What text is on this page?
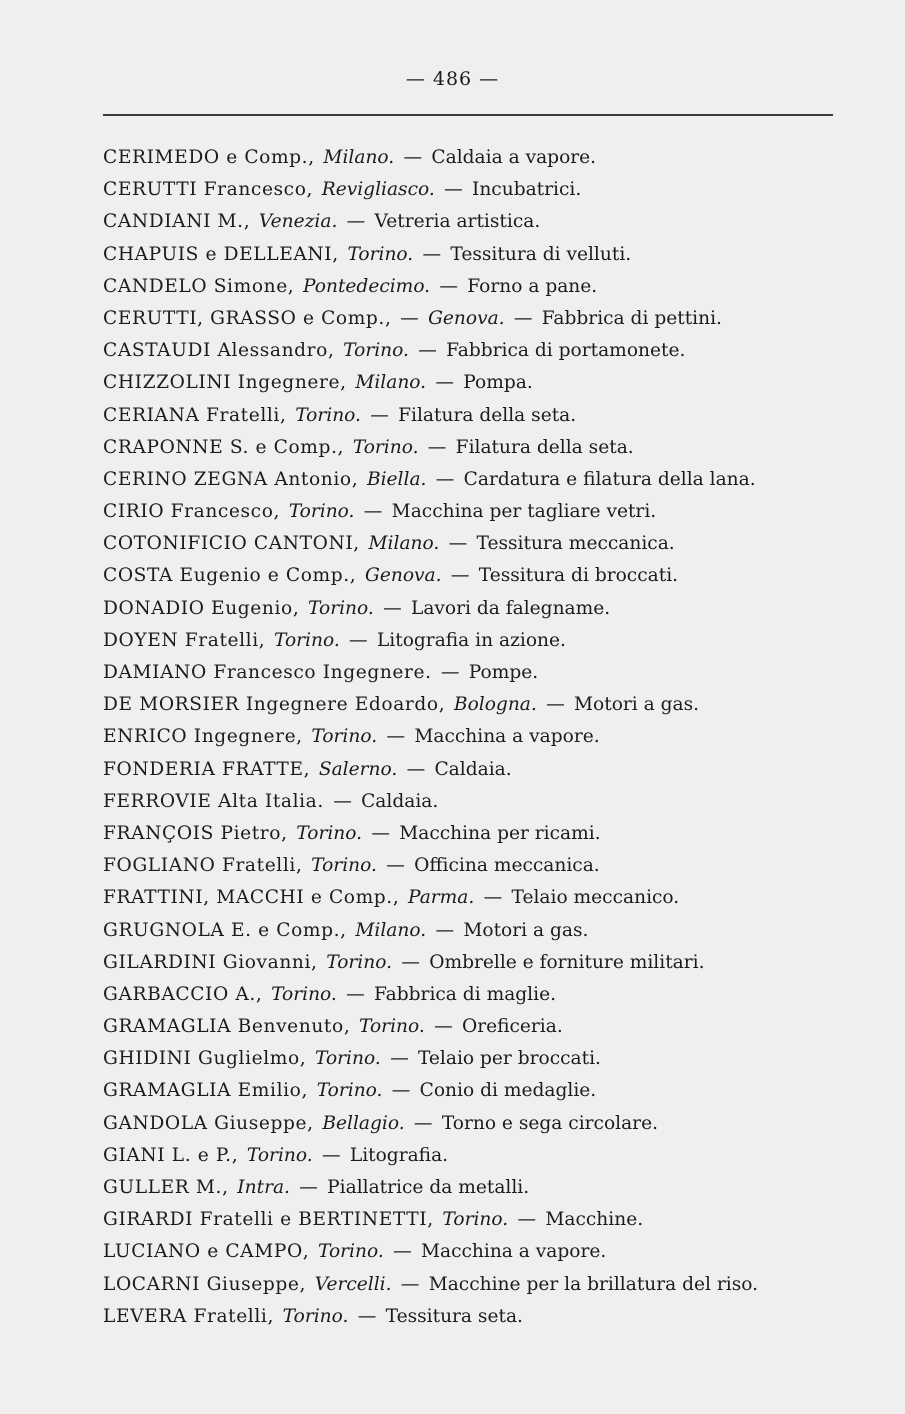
— 486 —
CERIMEDO e Comp., Milano. — Caldaia a vapore.
CERUTTI Francesco, Revigliasco. — Incubatrici.
CANDIANI M., Venezia. — Vetreria artistica.
CHAPUIS e DELLEANI, Torino. — Tessitura di velluti.
CANDELO Simone, Pontedecimo. — Forno a pane.
CERUTTI, GRASSO e Comp., — Genova. — Fabbrica di pettini.
CASTAUDI Alessandro, Torino. — Fabbrica di portamonete.
CHIZZOLINI Ingegnere, Milano. — Pompa.
CERIANA Fratelli, Torino. — Filatura della seta.
CRAPONNE S. e Comp., Torino. — Filatura della seta.
CERINO ZEGNA Antonio, Biella. — Cardatura e filatura della lana.
CIRIO Francesco, Torino. — Macchina per tagliare vetri.
COTONIFICIO CANTONI, Milano. — Tessitura meccanica.
COSTA Eugenio e Comp., Genova. — Tessitura di broccati.
DONADIO Eugenio, Torino. — Lavori da falegname.
DOYEN Fratelli, Torino. — Litografia in azione.
DAMIANO Francesco Ingegnere. — Pompe.
DE MORSIER Ingegnere Edoardo, Bologna. — Motori a gas.
ENRICO Ingegnere, Torino. — Macchina a vapore.
FONDERIA FRATTE, Salerno. — Caldaia.
FERROVIE Alta Italia. — Caldaia.
FRANÇOIS Pietro, Torino. — Macchina per ricami.
FOGLIANO Fratelli, Torino. — Officina meccanica.
FRATTINI, MACCHI e Comp., Parma. — Telaio meccanico.
GRUGNOLA E. e Comp., Milano. — Motori a gas.
GILARDINI Giovanni, Torino. — Ombrelle e forniture militari.
GARBACCIO A., Torino. — Fabbrica di maglie.
GRAMAGLIA Benvenuto, Torino. — Oreficeria.
GHIDINI Guglielmo, Torino. — Telaio per broccati.
GRAMAGLIA Emilio, Torino. — Conio di medaglie.
GANDOLA Giuseppe, Bellagio. — Torno e sega circolare.
GIANI L. e P., Torino. — Litografia.
GULLER M., Intra. — Piallatrice da metalli.
GIRARDI Fratelli e BERTINETTI, Torino. — Macchine.
LUCIANO e CAMPO, Torino. — Macchina a vapore.
LOCARNI Giuseppe, Vercelli. — Macchine per la brillatura del riso.
LEVERA Fratelli, Torino. — Tessitura seta.
